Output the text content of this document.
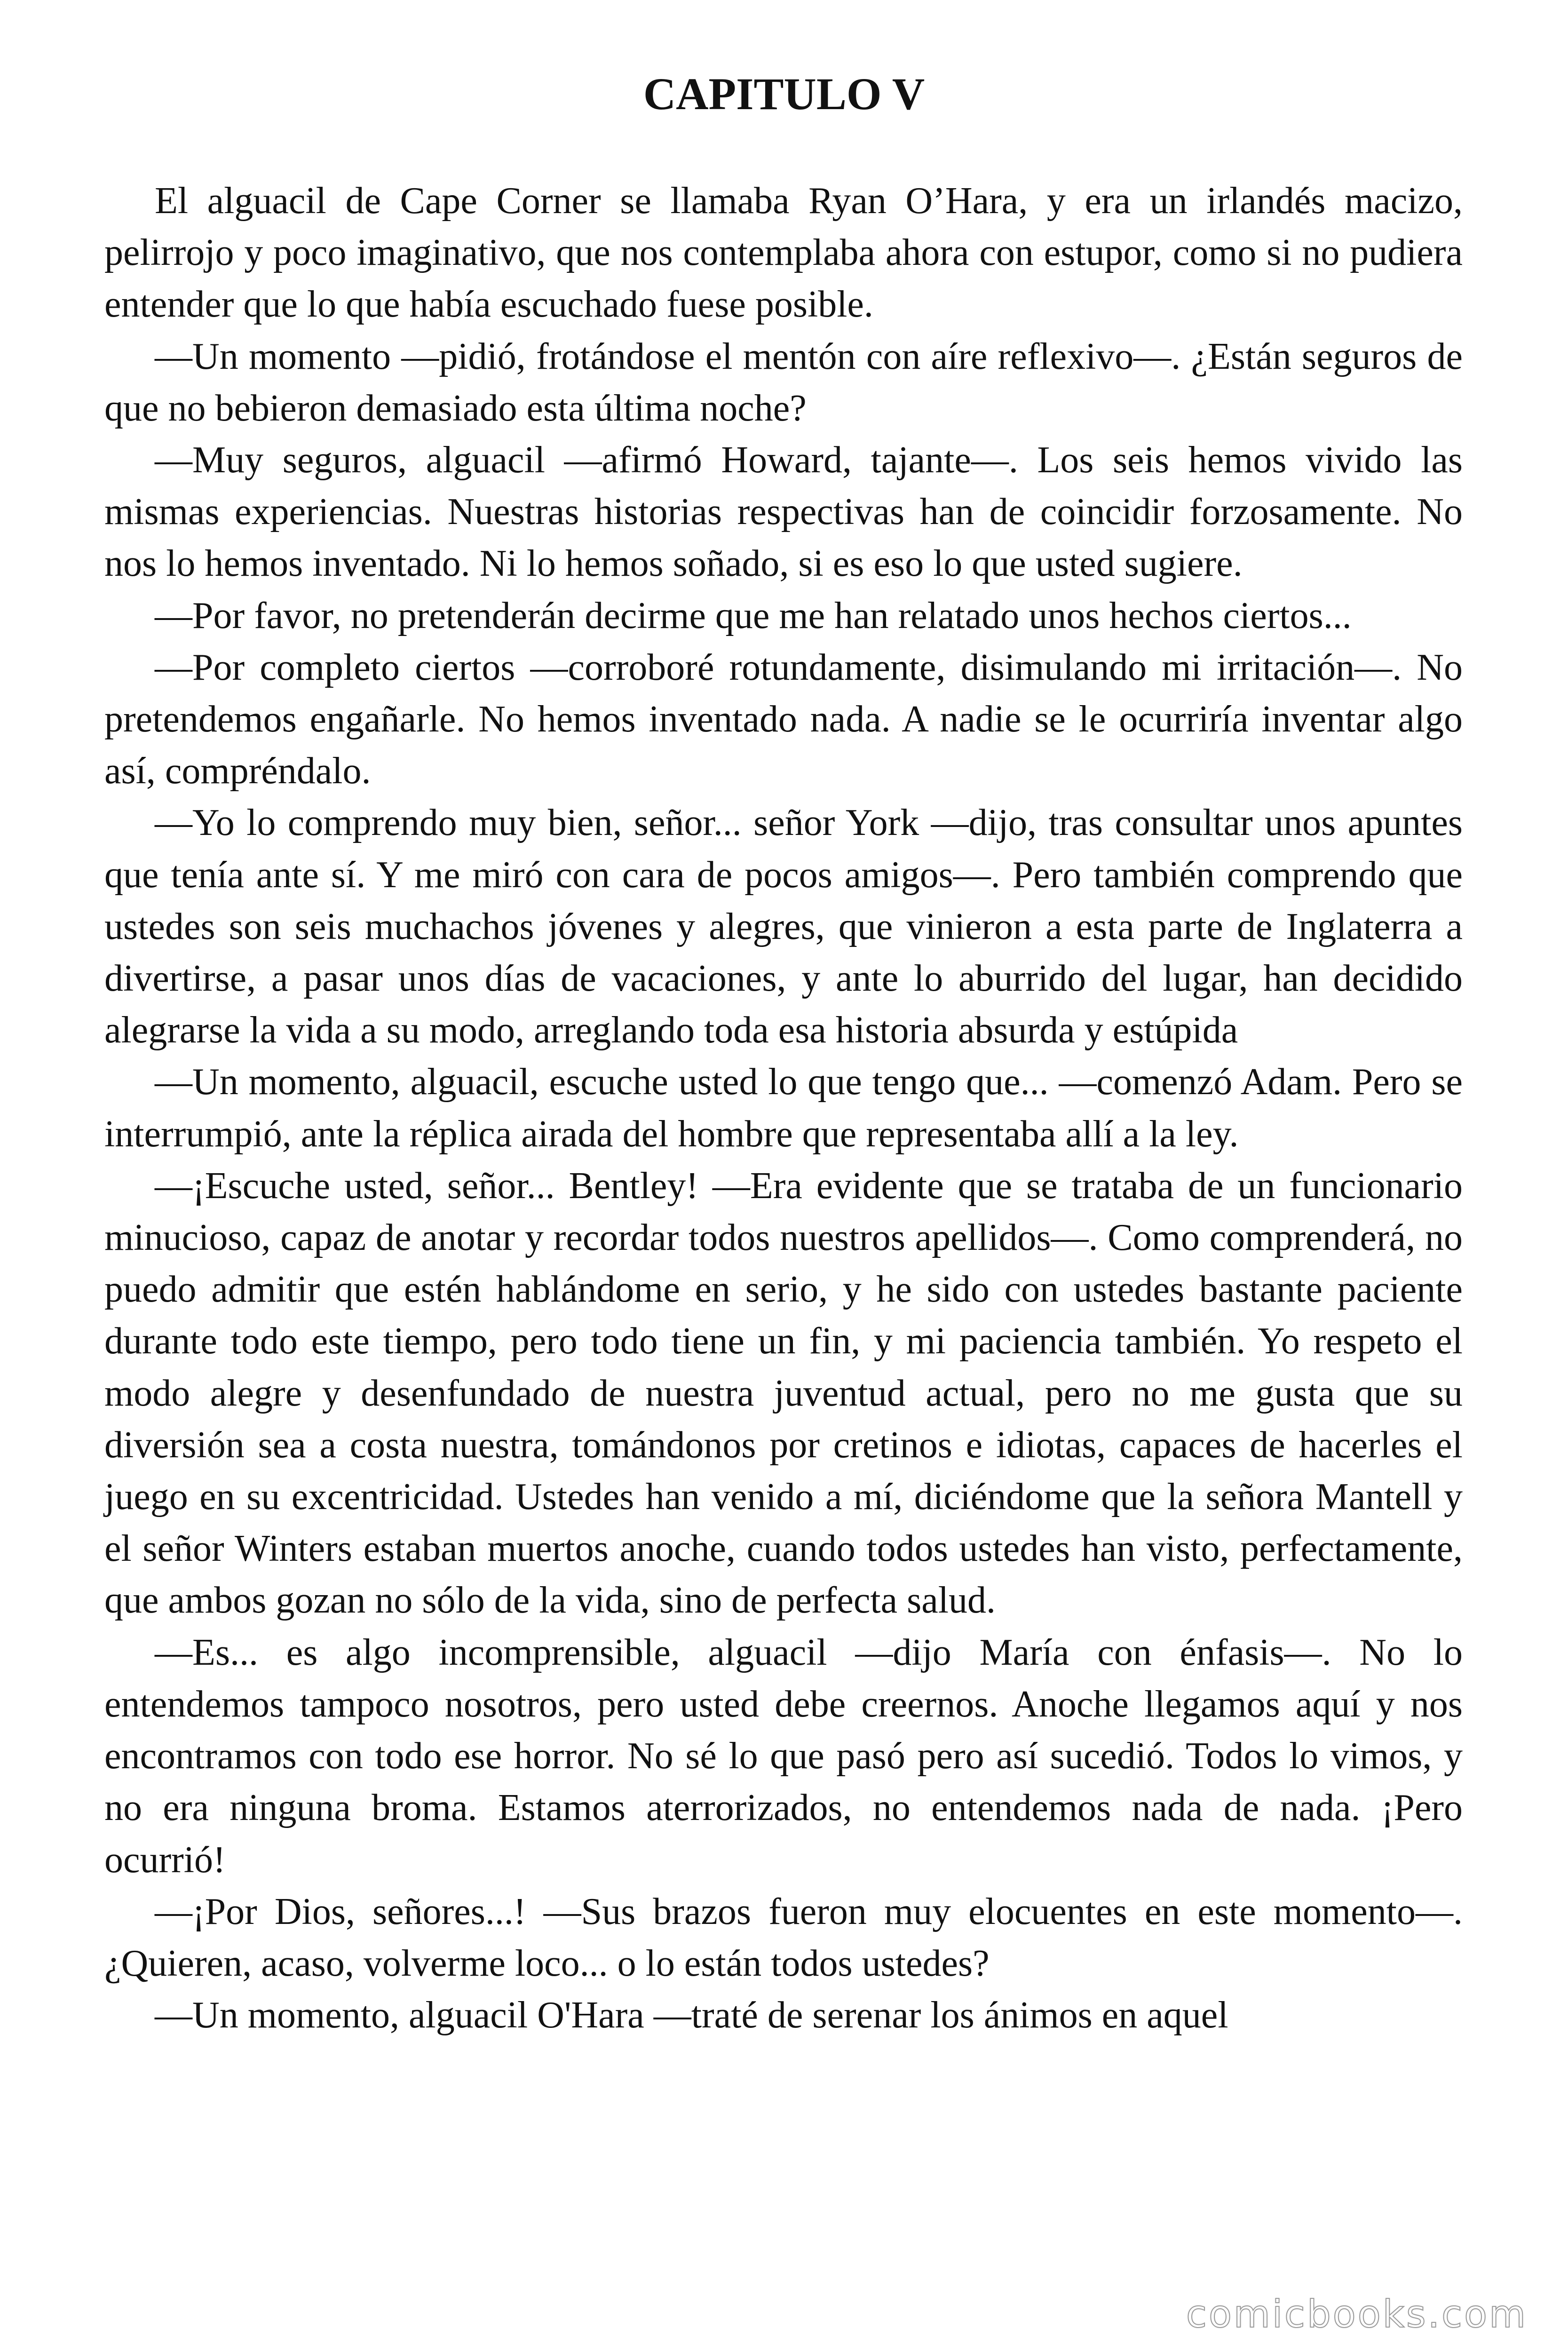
CAPITULO V

El alguacil de Cape Corner se llamaba Ryan O’Hara, y era un irlandés macizo, pelirrojo y poco imaginativo, que nos contemplaba ahora con estupor, como si no pudiera entender que lo que había escuchado fuese posible.

—Un momento —pidió, frotándose el mentón con aíre reflexivo—. ¿Están seguros de que no bebieron demasiado esta última noche?

—Muy seguros, alguacil —afirmó Howard, tajante—. Los seis hemos vivido las mismas experiencias. Nuestras historias respectivas han de coincidir forzosamente. No nos lo hemos inventado. Ni lo hemos soñado, si es eso lo que usted sugiere.

—Por favor, no pretenderán decirme que me han relatado unos hechos ciertos...

—Por completo ciertos —corroboré rotundamente, disimulando mi irritación—. No pretendemos engañarle. No hemos inventado nada. A nadie se le ocurriría inventar algo así, compréndalo.

—Yo lo comprendo muy bien, señor... señor York —dijo, tras consultar unos apuntes que tenía ante sí. Y me miró con cara de pocos amigos—. Pero también comprendo que ustedes son seis muchachos jóvenes y alegres, que vinieron a esta parte de Inglaterra a divertirse, a pasar unos días de vacaciones, y ante lo aburrido del lugar, han decidido alegrarse la vida a su modo, arreglando toda esa historia absurda y estúpida

—Un momento, alguacil, escuche usted lo que tengo que... —comenzó Adam. Pero se interrumpió, ante la réplica airada del hombre que representaba allí a la ley.

—¡Escuche usted, señor... Bentley! —Era evidente que se trataba de un funcionario minucioso, capaz de anotar y recordar todos nuestros apellidos—. Como comprenderá, no puedo admitir que estén hablándome en serio, y he sido con ustedes bastante paciente durante todo este tiempo, pero todo tiene un fin, y mi paciencia también. Yo respeto el modo alegre y desenfundado de nuestra juventud actual, pero no me gusta que su diversión sea a costa nuestra, tomándonos por cretinos e idiotas, capaces de hacerles el juego en su excentricidad. Ustedes han venido a mí, diciéndome que la señora Mantell y el señor Winters estaban muertos anoche, cuando todos ustedes han visto, perfectamente, que ambos gozan no sólo de la vida, sino de perfecta salud.

—Es... es algo incomprensible, alguacil —dijo María con énfasis—. No lo entendemos tampoco nosotros, pero usted debe creernos. Anoche llegamos aquí y nos encontramos con todo ese horror. No sé lo que pasó pero así sucedió. Todos lo vimos, y no era ninguna broma. Estamos aterrorizados, no entendemos nada de nada. ¡Pero ocurrió!

—¡Por Dios, señores...! —Sus brazos fueron muy elocuentes en este momento—. ¿Quieren, acaso, volverme loco... o lo están todos ustedes?

—Un momento, alguacil O'Hara —traté de serenar los ánimos en aquel

comicbooks.com
